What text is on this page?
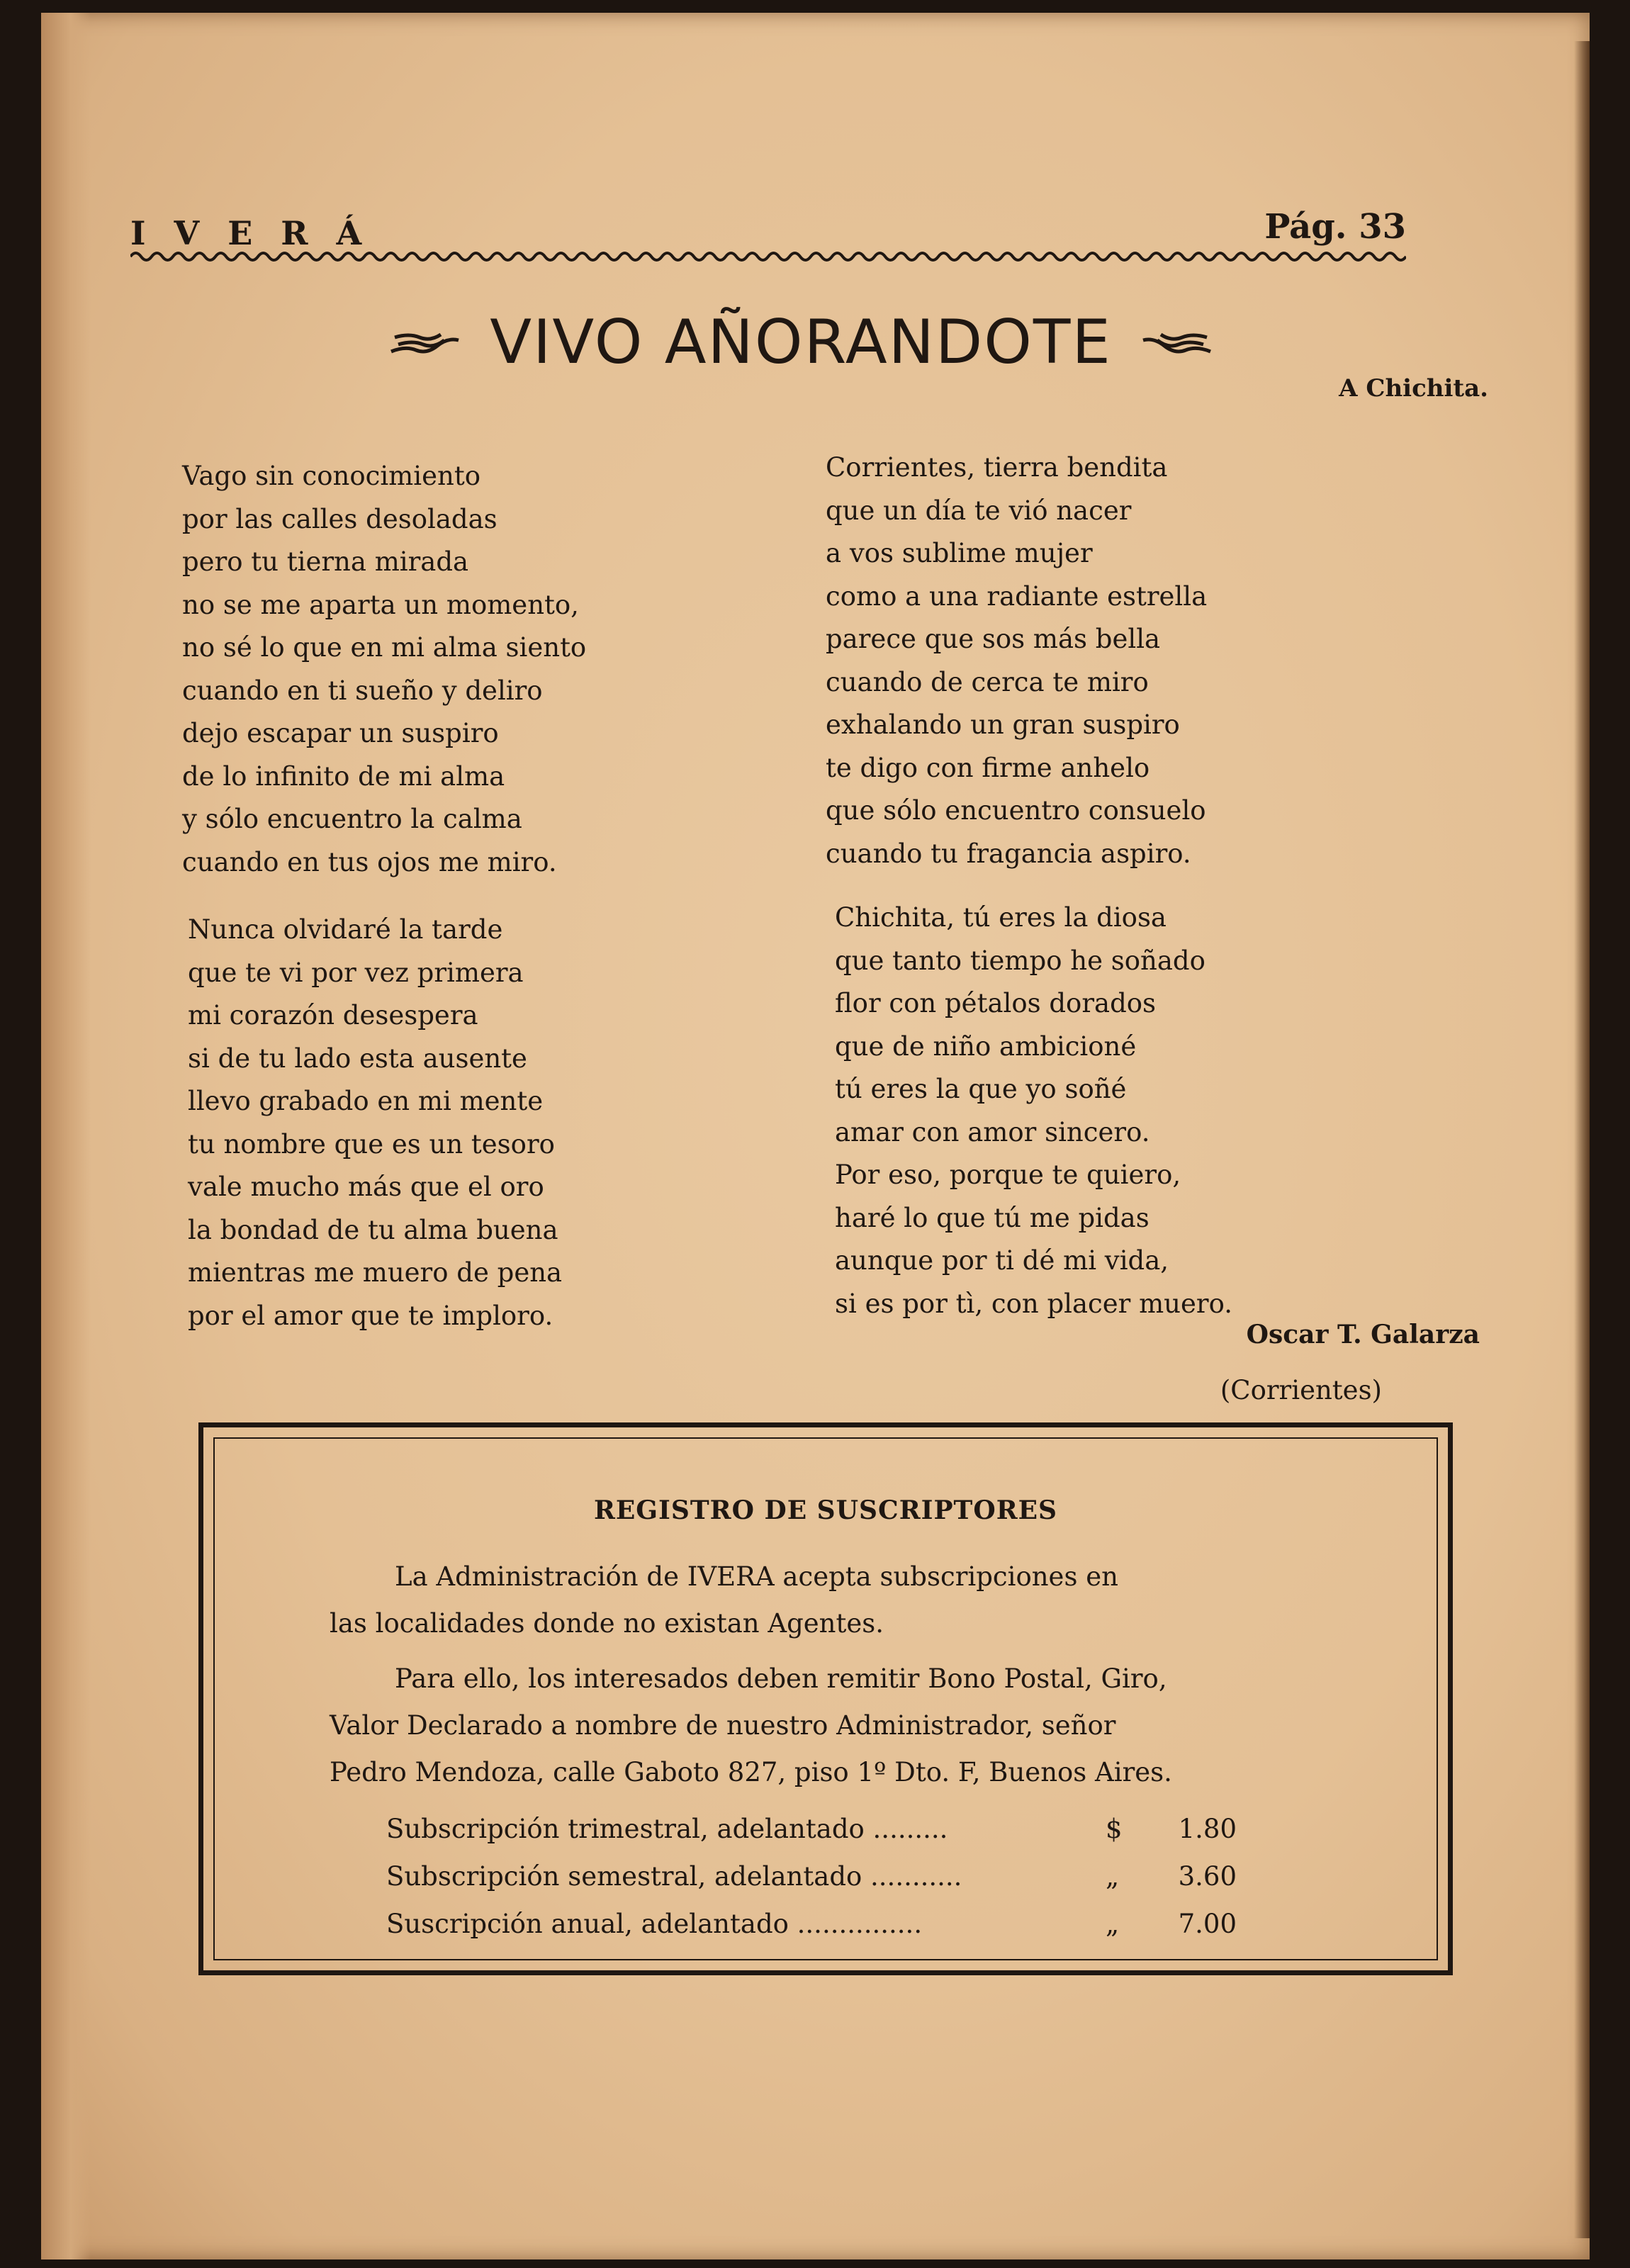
IVERÁ	Pág. 33
VIVO AÑORANDOTE
A Chichita.
Vago sin conocimiento
por las calles desoladas
pero tu tierna mirada
no se me aparta un momento,
no sé lo que en mi alma siento
cuando en ti sueño y deliro
dejo escapar un suspiro
de lo infinito de mi alma
y sólo encuentro la calma
cuando en tus ojos me miro.
Nunca olvidaré la tarde
que te vi por vez primera
mi corazón desespera
si de tu lado esta ausente
llevo grabado en mi mente
tu nombre que es un tesoro
vale mucho más que el oro
la bondad de tu alma buena
mientras me muero de pena
por el amor que te imploro.
Corrientes, tierra bendita
que un día te vió nacer
a vos sublime mujer
como a una radiante estrella
parece que sos más bella
cuando de cerca te miro
exhalando un gran suspiro
te digo con firme anhelo
que sólo encuentro consuelo
cuando tu fragancia aspiro.
Chichita, tú eres la diosa
que tanto tiempo he soñado
flor con pétalos dorados
que de niño ambicioné
tú eres la que yo soñé
amar con amor sincero.
Por eso, porque te quiero,
haré lo que tú me pidas
aunque por ti dé mi vida,
si es por tì, con placer muero.
Oscar T. Galarza
(Corrientes)
REGISTRO DE SUSCRIPTORES
La Administración de IVERA acepta subscripciones en
las localidades donde no existan Agentes.
Para ello, los interesados deben remitir Bono Postal, Giro,
Valor Declarado a nombre de nuestro Administrador, señor
Pedro Mendoza, calle Gaboto 827, piso 1º Dto. F, Buenos Aires.
Subscripción trimestral, adelantado .........	$ 1.80
Subscripción semestral, adelantado ...........	„ 3.60
Suscripción anual, adelantado ...............	„ 7.00
